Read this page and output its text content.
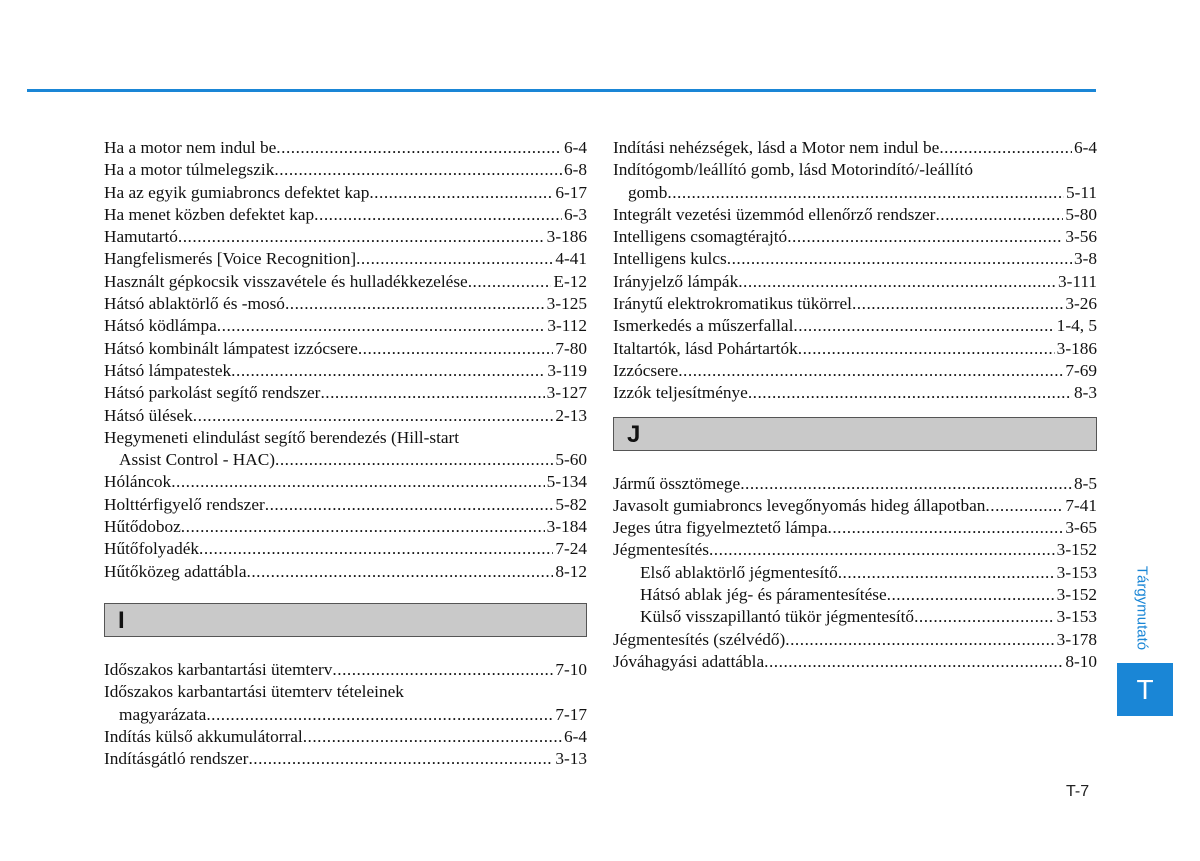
Ha a motor nem indul be .....	6-4
Ha a motor túlmelegszik .....	6-8
Ha az egyik gumiabroncs defektet kap .....	6-17
Ha menet közben defektet kap .....	6-3
Hamutartó .....	3-186
Hangfelismerés [Voice Recognition] .....	4-41
Használt gépkocsik visszavétele és hulladékkezelése .....	E-12
Hátsó ablaktörlő és -mosó .....	3-125
Hátsó ködlámpa .....	3-112
Hátsó kombinált lámpatest izzócsere .....	7-80
Hátsó lámpatestek .....	3-119
Hátsó parkolást segítő rendszer .....	3-127
Hátsó ülések .....	2-13
Hegymeneti elindulást segítő berendezés (Hill-start
Assist Control - HAC) .....	5-60
Hóláncok .....	5-134
Holttérfigyelő rendszer .....	5-82
Hűtődoboz .....	3-184
Hűtőfolyadék .....	7-24
Hűtőközeg adattábla .....	8-12
I
Időszakos karbantartási ütemterv .....	7-10
Időszakos karbantartási ütemterv tételeinek
magyarázata .....	7-17
Indítás külső akkumulátorral .....	6-4
Indításgátló rendszer .....	3-13
Indítási nehézségek, lásd a Motor nem indul be .....	6-4
Indítógomb/leállító gomb, lásd Motorindító/-leállító
gomb .....	5-11
Integrált vezetési üzemmód ellenőrző rendszer .....	5-80
Intelligens csomagtérajtó .....	3-56
Intelligens kulcs .....	3-8
Irányjelző lámpák .....	3-111
Iránytű elektrokromatikus tükörrel .....	3-26
Ismerkedés a műszerfallal .....	1-4, 5
Italtartók, lásd Pohártartók .....	3-186
Izzócsere .....	7-69
Izzók teljesítménye .....	8-3
J
Jármű össztömege .....	8-5
Javasolt gumiabroncs levegőnyomás hideg állapotban .....	7-41
Jeges útra figyelmeztető lámpa .....	3-65
Jégmentesítés .....	3-152
Első ablaktörlő jégmentesítő .....	3-153
Hátsó ablak jég- és páramentesítése .....	3-152
Külső visszapillantó tükör jégmentesítő .....	3-153
Jégmentesítés (szélvédő) .....	3-178
Jóváhagyási adattábla .....	8-10
Tárgymutató
T
T-7
